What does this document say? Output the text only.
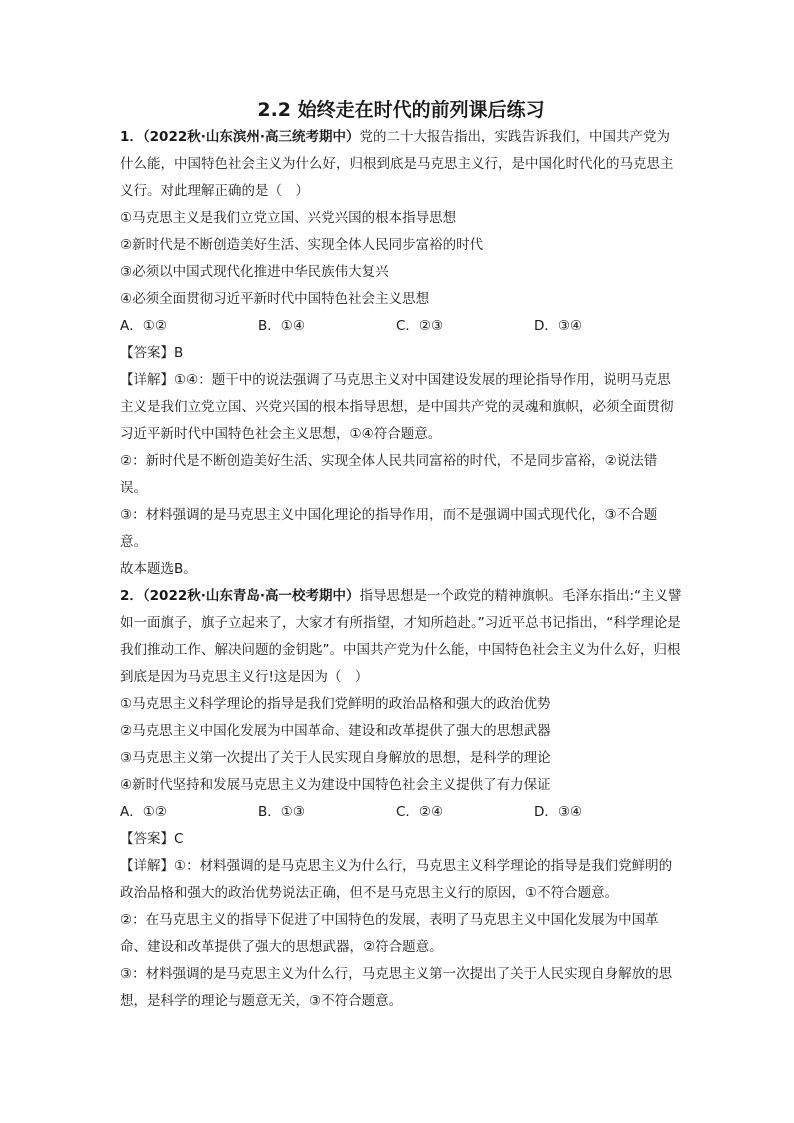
2.2 始终走在时代的前列课后练习

1．（2022秋·山东滨州·高三统考期中）党的二十大报告指出，实践告诉我们，中国共产党为什么能，中国特色社会主义为什么好，归根到底是马克思主义行，是中国化时代化的马克思主义行。对此理解正确的是（　）

①马克思主义是我们立党立国、兴党兴国的根本指导思想

②新时代是不断创造美好生活、实现全体人民同步富裕的时代

③必须以中国式现代化推进中华民族伟大复兴

④必须全面贯彻习近平新时代中国特色社会主义思想

A．①②	B．①④	C．②③	D．③④

【答案】B

【详解】①④：题干中的说法强调了马克思主义对中国建设发展的理论指导作用，说明马克思主义是我们立党立国、兴党兴国的根本指导思想，是中国共产党的灵魂和旗帜，必须全面贯彻习近平新时代中国特色社会主义思想，①④符合题意。

②：新时代是不断创造美好生活、实现全体人民共同富裕的时代，不是同步富裕，②说法错误。

③：材料强调的是马克思主义中国化理论的指导作用，而不是强调中国式现代化，③不合题意。

故本题选B。

2．（2022秋·山东青岛·高一校考期中）指导思想是一个政党的精神旗帜。毛泽东指出:“主义譬如一面旗子，旗子立起来了，大家才有所指望，才知所趋赴。”习近平总书记指出，“科学理论是我们推动工作、解决问题的金钥匙”。中国共产党为什么能，中国特色社会主义为什么好，归根到底是因为马克思主义行!这是因为（　）

①马克思主义科学理论的指导是我们党鲜明的政治品格和强大的政治优势

②马克思主义中国化发展为中国革命、建设和改革提供了强大的思想武器

③马克思主义第一次提出了关于人民实现自身解放的思想，是科学的理论

④新时代坚持和发展马克思主义为建设中国特色社会主义提供了有力保证

A．①②	B．①③	C．②④	D．③④

【答案】C

【详解】①：材料强调的是马克思主义为什么行，马克思主义科学理论的指导是我们党鲜明的政治品格和强大的政治优势说法正确，但不是马克思主义行的原因，①不符合题意。

②：在马克思主义的指导下促进了中国特色的发展，表明了马克思主义中国化发展为中国革命、建设和改革提供了强大的思想武器，②符合题意。

③：材料强调的是马克思主义为什么行，马克思主义第一次提出了关于人民实现自身解放的思想，是科学的理论与题意无关，③不符合题意。
